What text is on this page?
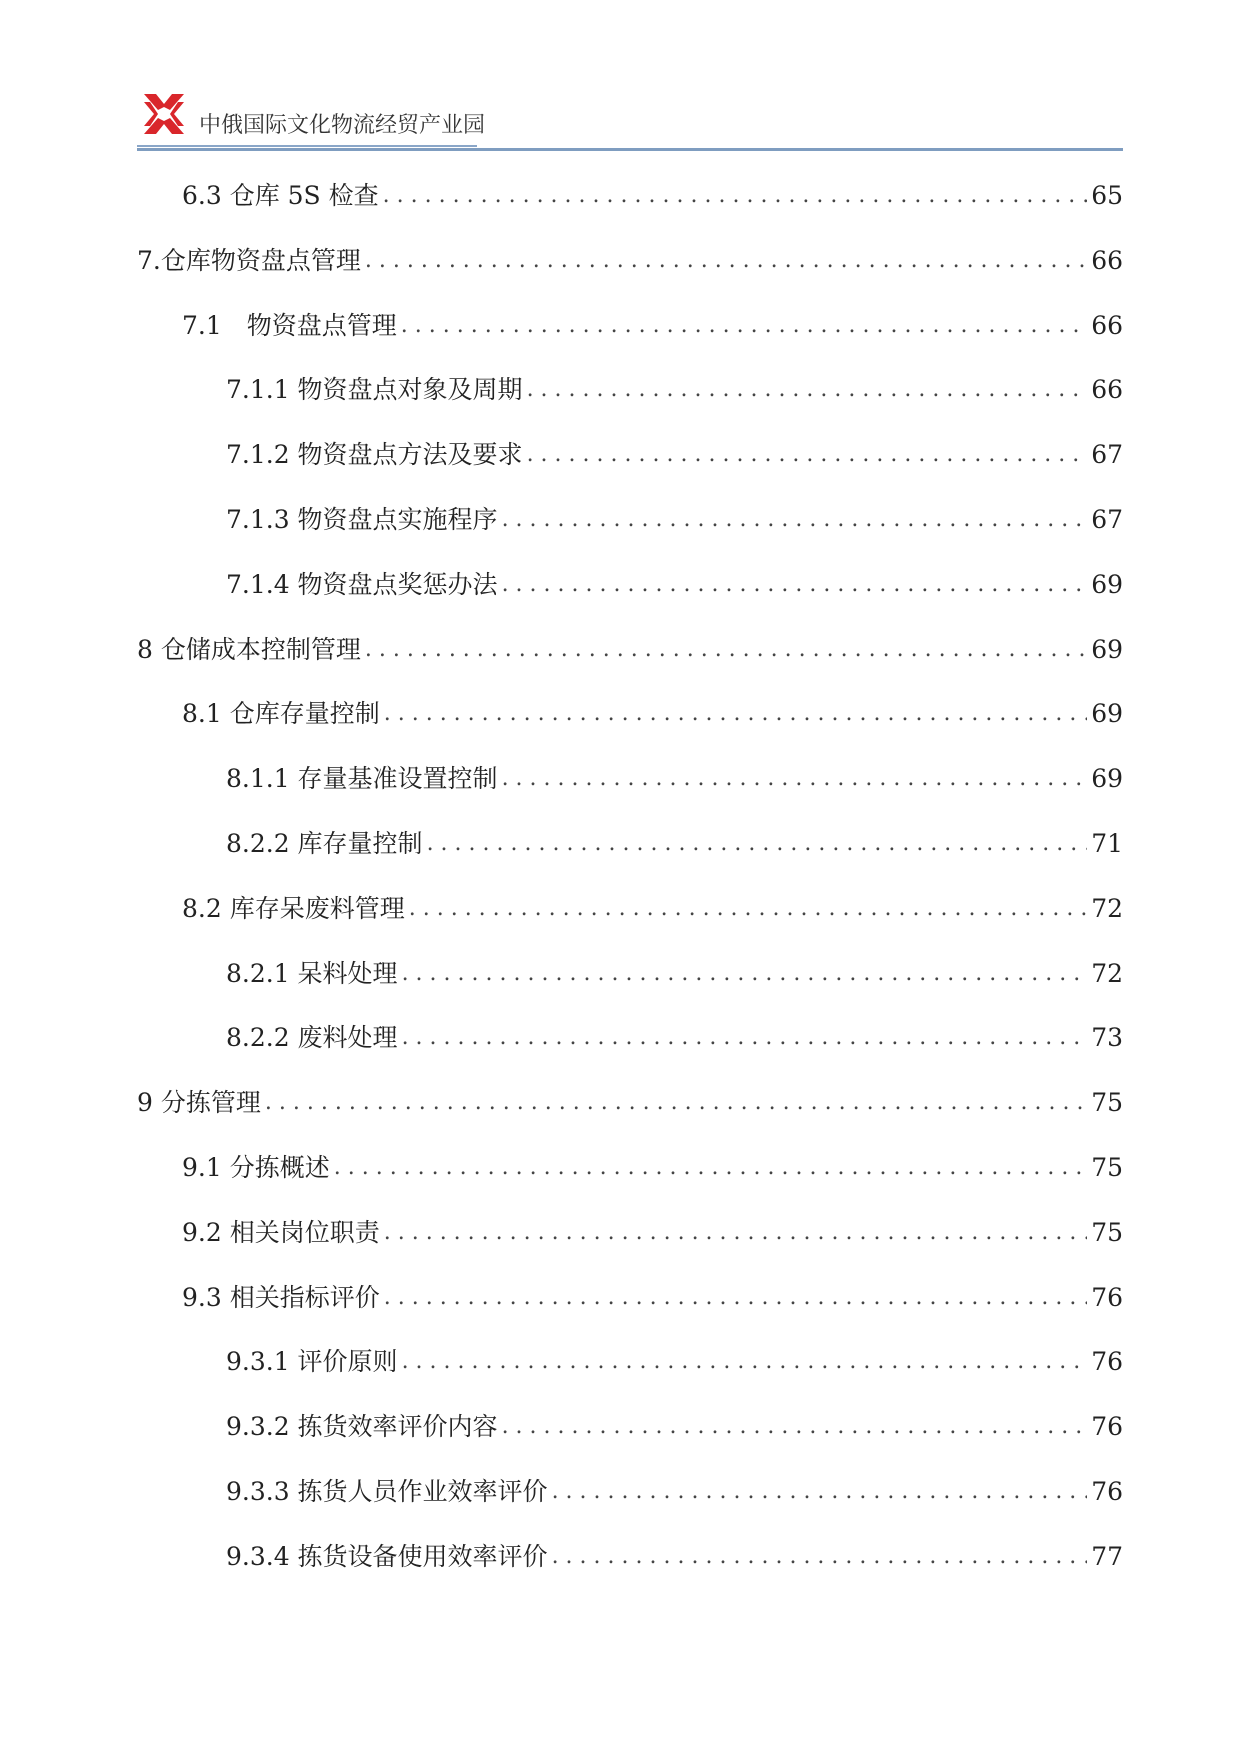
中俄国际文化物流经贸产业园
6.3 仓库 5S 检查 .....	65
7.仓库物资盘点管理 .....	66
7.1　物资盘点管理 .....	66
7.1.1 物资盘点对象及周期 .....	66
7.1.2 物资盘点方法及要求 .....	67
7.1.3 物资盘点实施程序 .....	67
7.1.4 物资盘点奖惩办法 .....	69
8 仓储成本控制管理 .....	69
8.1 仓库存量控制 .....	69
8.1.1 存量基准设置控制 .....	69
8.2.2 库存量控制 .....	71
8.2 库存呆废料管理 .....	72
8.2.1 呆料处理 .....	72
8.2.2 废料处理 .....	73
9 分拣管理 .....	75
9.1 分拣概述 .....	75
9.2 相关岗位职责 .....	75
9.3 相关指标评价 .....	76
9.3.1 评价原则 .....	76
9.3.2 拣货效率评价内容 .....	76
9.3.3 拣货人员作业效率评价 .....	76
9.3.4 拣货设备使用效率评价 .....	77
